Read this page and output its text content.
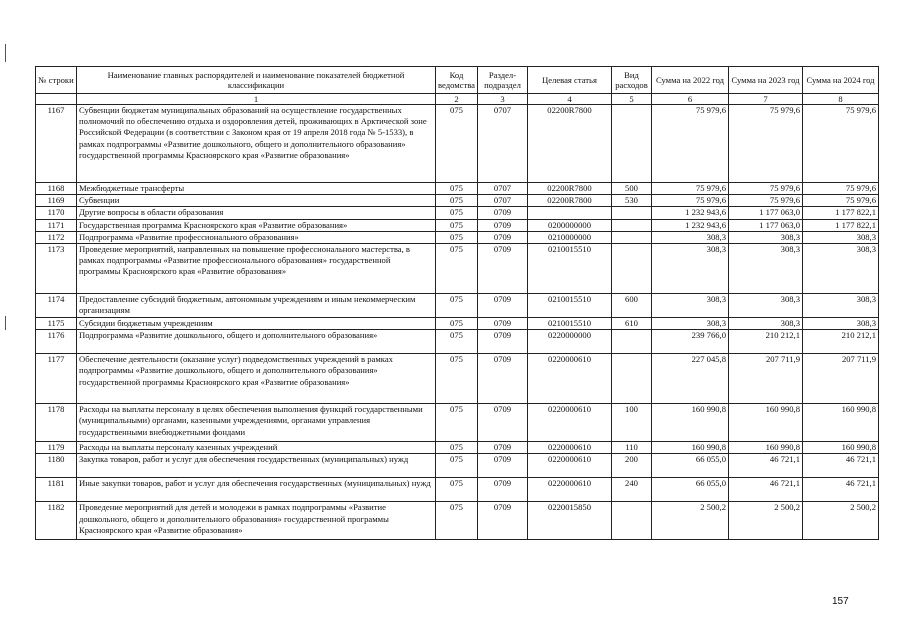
№ строки	Наименование главных распорядителей и наименование показателей бюджетной классификации	Код ведомства	Раздел- подраздел	Целевая статья	Вид расходов	Сумма на 2022 год	Сумма на 2023 год	Сумма на 2024 год
	1	2	3	4	5	6	7	8
1167	Субвенции бюджетам муниципальных образований на осуществление государственных полномочий по обеспечению отдыха и оздоровления детей, проживающих в Арктической зоне Российской Федерации (в соответствии с Законом края от 19 апреля 2018 года № 5-1533), в рамках подпрограммы «Развитие дошкольного, общего и дополнительного образования» государственной программы Красноярского края «Развитие образования»	075	0707	02200R7800		75 979,6	75 979,6	75 979,6
1168	Межбюджетные трансферты	075	0707	02200R7800	500	75 979,6	75 979,6	75 979,6
1169	Субвенции	075	0707	02200R7800	530	75 979,6	75 979,6	75 979,6
1170	Другие вопросы в области образования	075	0709			1 232 943,6	1 177 063,0	1 177 822,1
1171	Государственная программа Красноярского края «Развитие образования»	075	0709	0200000000		1 232 943,6	1 177 063,0	1 177 822,1
1172	Подпрограмма «Развитие профессионального образования»	075	0709	0210000000		308,3	308,3	308,3
1173	Проведение мероприятий, направленных на повышение профессионального мастерства, в рамках подпрограммы «Развитие профессионального образования» государственной программы Красноярского края «Развитие образования»	075	0709	0210015510		308,3	308,3	308,3
1174	Предоставление субсидий бюджетным, автономным учреждениям и иным некоммерческим организациям	075	0709	0210015510	600	308,3	308,3	308,3
1175	Субсидии бюджетным учреждениям	075	0709	0210015510	610	308,3	308,3	308,3
1176	Подпрограмма «Развитие дошкольного, общего и дополнительного образования»	075	0709	0220000000		239 766,0	210 212,1	210 212,1
1177	Обеспечение деятельности (оказание услуг) подведомственных учреждений в рамках подпрограммы «Развитие дошкольного, общего и дополнительного образования» государственной программы Красноярского края «Развитие образования»	075	0709	0220000610		227 045,8	207 711,9	207 711,9
1178	Расходы на выплаты персоналу в целях обеспечения выполнения функций государственными (муниципальными) органами, казенными учреждениями, органами управления государственными внебюджетными фондами	075	0709	0220000610	100	160 990,8	160 990,8	160 990,8
1179	Расходы на выплаты персоналу казенных учреждений	075	0709	0220000610	110	160 990,8	160 990,8	160 990,8
1180	Закупка товаров, работ и услуг для обеспечения государственных (муниципальных) нужд	075	0709	0220000610	200	66 055,0	46 721,1	46 721,1
1181	Иные закупки товаров, работ и услуг для обеспечения государственных (муниципальных) нужд	075	0709	0220000610	240	66 055,0	46 721,1	46 721,1
1182	Проведение мероприятий для детей и молодежи в рамках подпрограммы «Развитие дошкольного, общего и дополнительного образования» государственной программы Красноярского края «Развитие образования»	075	0709	0220015850		2 500,2	2 500,2	2 500,2
157
